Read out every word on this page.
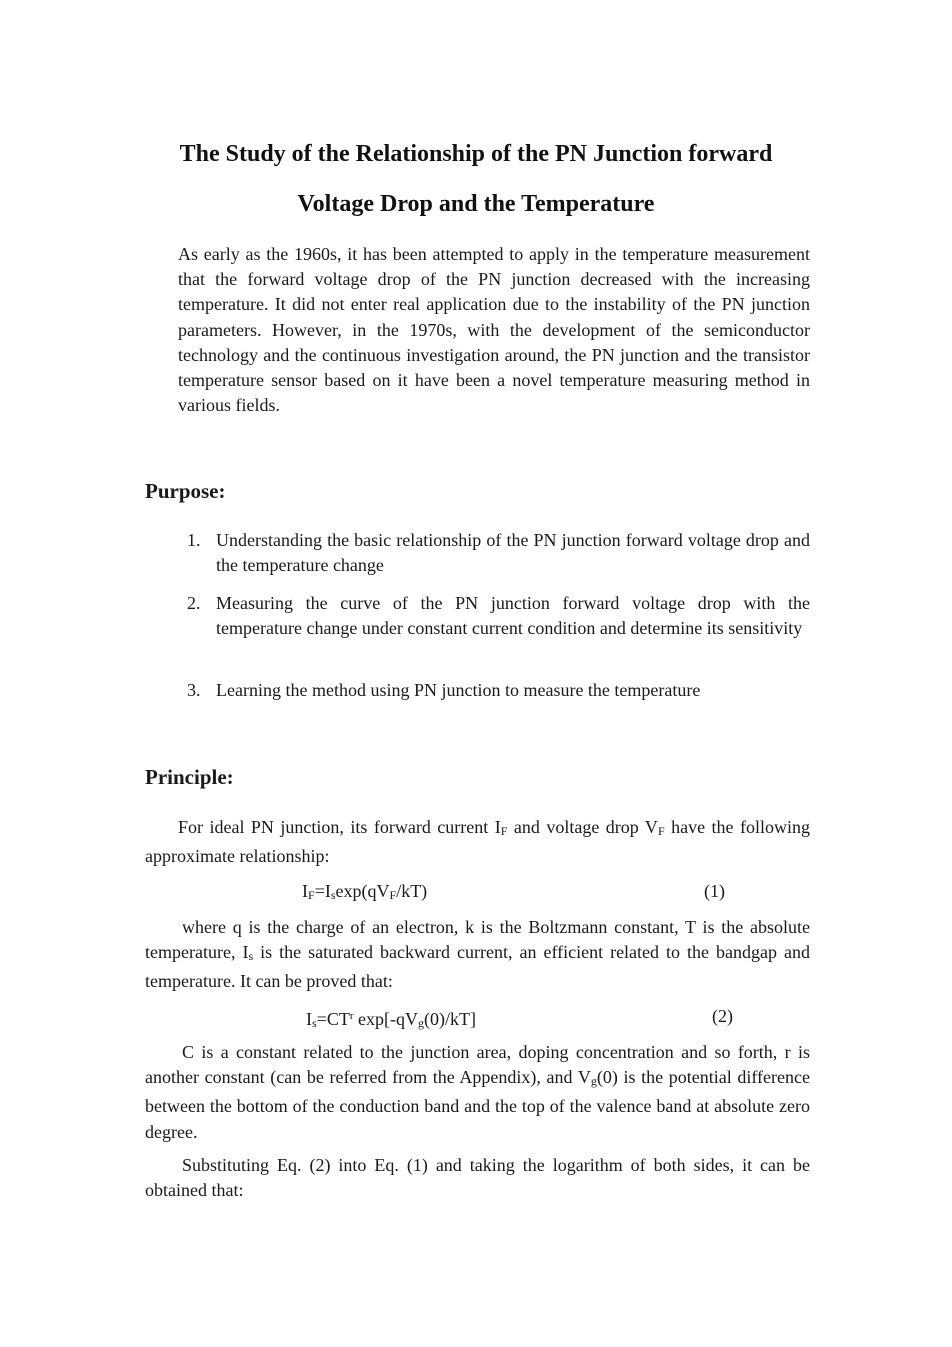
The Study of the Relationship of the PN Junction forward
Voltage Drop and the Temperature

As early as the 1960s, it has been attempted to apply in the temperature measurement that the forward voltage drop of the PN junction decreased with the increasing temperature. It did not enter real application due to the instability of the PN junction parameters. However, in the 1970s, with the development of the semiconductor technology and the continuous investigation around, the PN junction and the transistor temperature sensor based on it have been a novel temperature measuring method in various fields.

Purpose:
1. Understanding the basic relationship of the PN junction forward voltage drop and the temperature change
2. Measuring the curve of the PN junction forward voltage drop with the temperature change under constant current condition and determine its sensitivity
3. Learning the method using PN junction to measure the temperature
Principle:

For ideal PN junction, its forward current IF and voltage drop VF have the following approximate relationship:

IF=Isexp(qVF/kT)	(1)

where q is the charge of an electron, k is the Boltzmann constant, T is the absolute temperature, Is is the saturated backward current, an efficient related to the bandgap and temperature. It can be proved that:

$Is=CT^r$ exp[-qVg(0)/kT]	(2)

C is a constant related to the junction area, doping concentration and so forth, r is another constant (can be referred from the Appendix), and Vg(0) is the potential difference between the bottom of the conduction band and the top of the valence band at absolute zero degree.

Substituting Eq. (2) into Eq. (1) and taking the logarithm of both sides, it can be obtained that:
